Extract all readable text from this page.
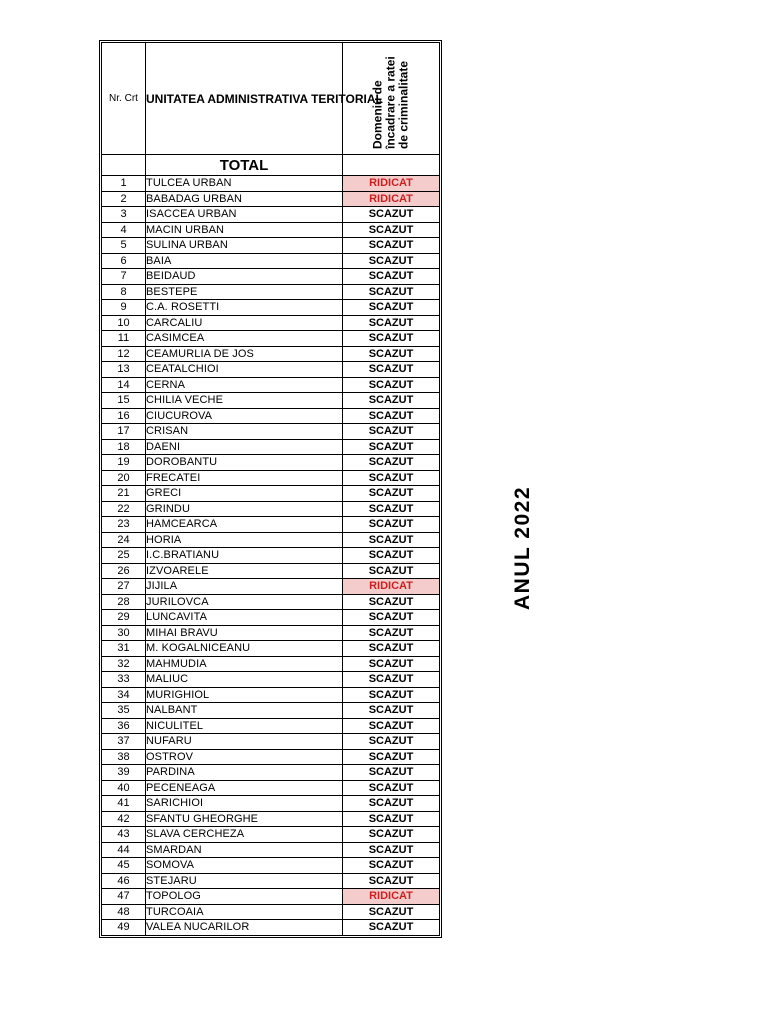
Nr. Crt	UNITATEA ADMINISTRATIVA TERITORIAL	Domeniu de încadrare a ratei de criminalitate

	TOTAL	
1	TULCEA URBAN	RIDICAT
2	BABADAG URBAN	RIDICAT
3	ISACCEA URBAN	SCAZUT
4	MACIN URBAN	SCAZUT
5	SULINA URBAN	SCAZUT
6	BAIA	SCAZUT
7	BEIDAUD	SCAZUT
8	BESTEPE	SCAZUT
9	C.A. ROSETTI	SCAZUT
10	CARCALIU	SCAZUT
11	CASIMCEA	SCAZUT
12	CEAMURLIA DE JOS	SCAZUT
13	CEATALCHIOI	SCAZUT
14	CERNA	SCAZUT
15	CHILIA VECHE	SCAZUT
16	CIUCUROVA	SCAZUT
17	CRISAN	SCAZUT
18	DAENI	SCAZUT
19	DOROBANTU	SCAZUT
20	FRECATEI	SCAZUT
21	GRECI	SCAZUT
22	GRINDU	SCAZUT
23	HAMCEARCA	SCAZUT
24	HORIA	SCAZUT
25	I.C.BRATIANU	SCAZUT
26	IZVOARELE	SCAZUT
27	JIJILA	RIDICAT
28	JURILOVCA	SCAZUT
29	LUNCAVITA	SCAZUT
30	MIHAI BRAVU	SCAZUT
31	M. KOGALNICEANU	SCAZUT
32	MAHMUDIA	SCAZUT
33	MALIUC	SCAZUT
34	MURIGHIOL	SCAZUT
35	NALBANT	SCAZUT
36	NICULITEL	SCAZUT
37	NUFARU	SCAZUT
38	OSTROV	SCAZUT
39	PARDINA	SCAZUT
40	PECENEAGA	SCAZUT
41	SARICHIOI	SCAZUT
42	SFANTU GHEORGHE	SCAZUT
43	SLAVA CERCHEZA	SCAZUT
44	SMARDAN	SCAZUT
45	SOMOVA	SCAZUT
46	STEJARU	SCAZUT
47	TOPOLOG	RIDICAT
48	TURCOAIA	SCAZUT
49	VALEA NUCARILOR	SCAZUT
ANUL 2022
